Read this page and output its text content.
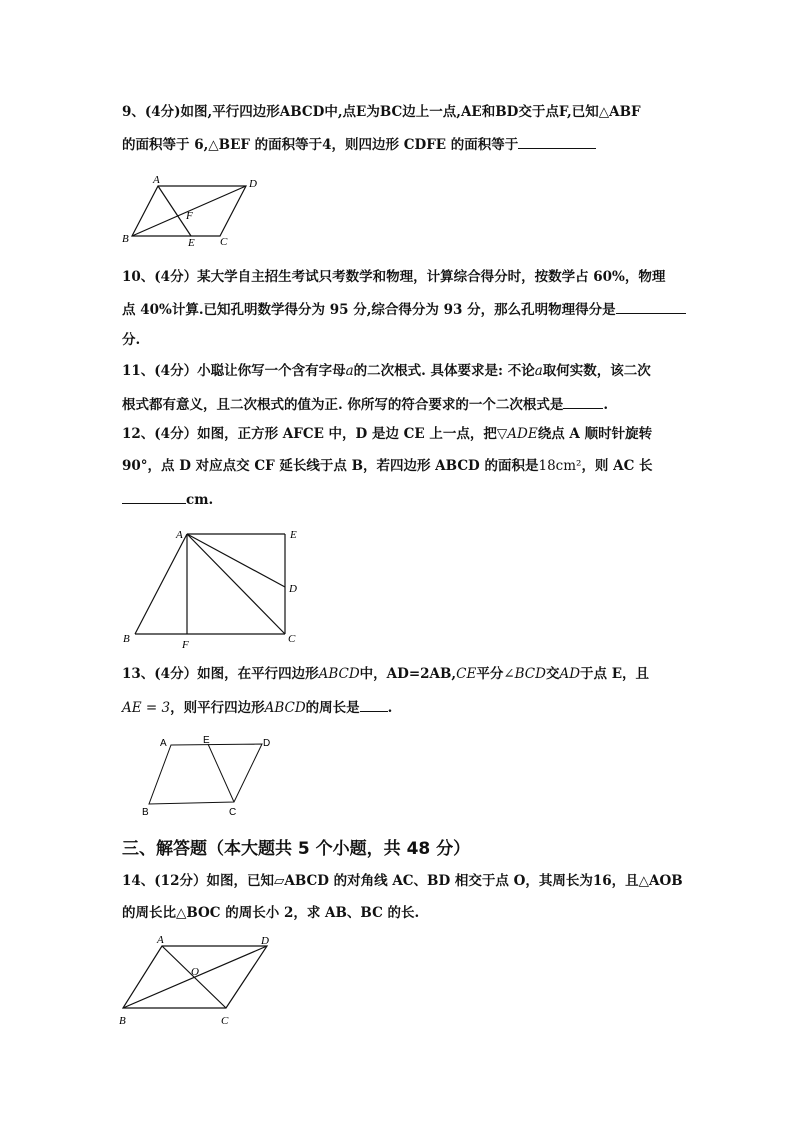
9、(4分)如图,平行四边形ABCD中,点E为BC边上一点,AE和BD交于点F,已知△ABF
的面积等于 6,△BEF 的面积等于4，则四边形 CDFE 的面积等于
A	D
F
B	E C
10、(4分）某大学自主招生考试只考数学和物理，计算综合得分时，按数学占 60%，物理
点 40%计算.已知孔明数学得分为 95 分,综合得分为 93 分，那么孔明物理得分是
分.
11、(4分）小聪让你写一个含有字母a的二次根式. 具体要求是: 不论a取何实数，该二次
根式都有意义，且二次根式的值为正. 你所写的符合要求的一个二次根式是	.
12、(4分）如图，正方形 AFCE 中，D 是边 CE 上一点，把▽ADE绕点 A 顺时针旋转
90°，点 D 对应点交 CF 延长线于点 B，若四边形 ABCD 的面积是18cm²，则 AC 长
cm.
A	E
D
B	F	C
13、(4分）如图，在平行四边形ABCD中，AD=2AB,CE平分∠BCD交AD于点 E，且
AE = 3，则平行四边形ABCD的周长是 .
A	E	D
B	C
三、解答题（本大题共 5 个小题，共 48 分）
14、(12分）如图，已知▱ABCD 的对角线 AC、BD 相交于点 O，其周长为16，且△AOB
的周长比△BOC 的周长小 2，求 AB、BC 的长.
A	D
O
B	C
